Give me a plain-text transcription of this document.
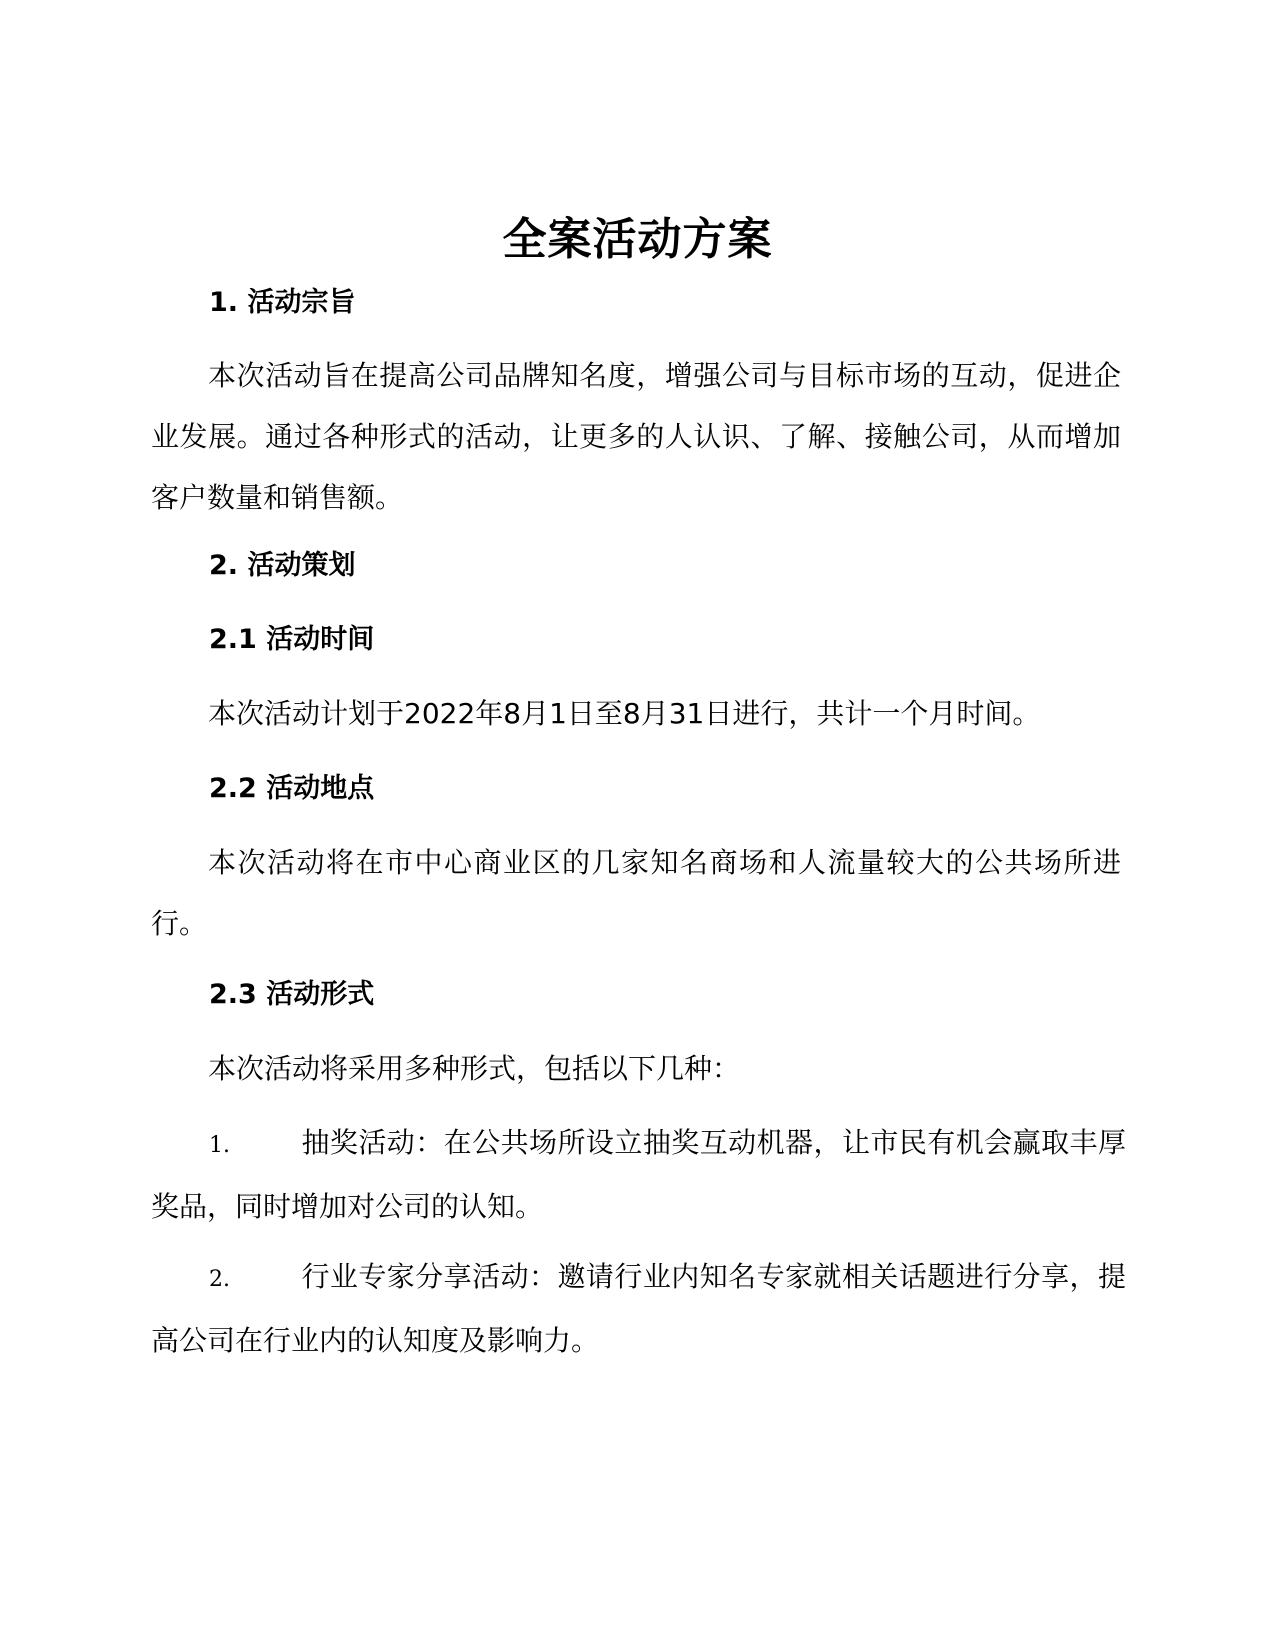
全案活动方案
1. 活动宗旨
本次活动旨在提高公司品牌知名度，增强公司与目标市场的互动，促进企业发展。通过各种形式的活动，让更多的人认识、了解、接触公司，从而增加客户数量和销售额。
2. 活动策划
2.1 活动时间
本次活动计划于2022年8月1日至8月31日进行，共计一个月时间。
2.2 活动地点
本次活动将在市中心商业区的几家知名商场和人流量较大的公共场所进行。
2.3 活动形式
本次活动将采用多种形式，包括以下几种：
1.	抽奖活动：在公共场所设立抽奖互动机器，让市民有机会赢取丰厚奖品，同时增加对公司的认知。
2.	行业专家分享活动：邀请行业内知名专家就相关话题进行分享，提高公司在行业内的认知度及影响力。
